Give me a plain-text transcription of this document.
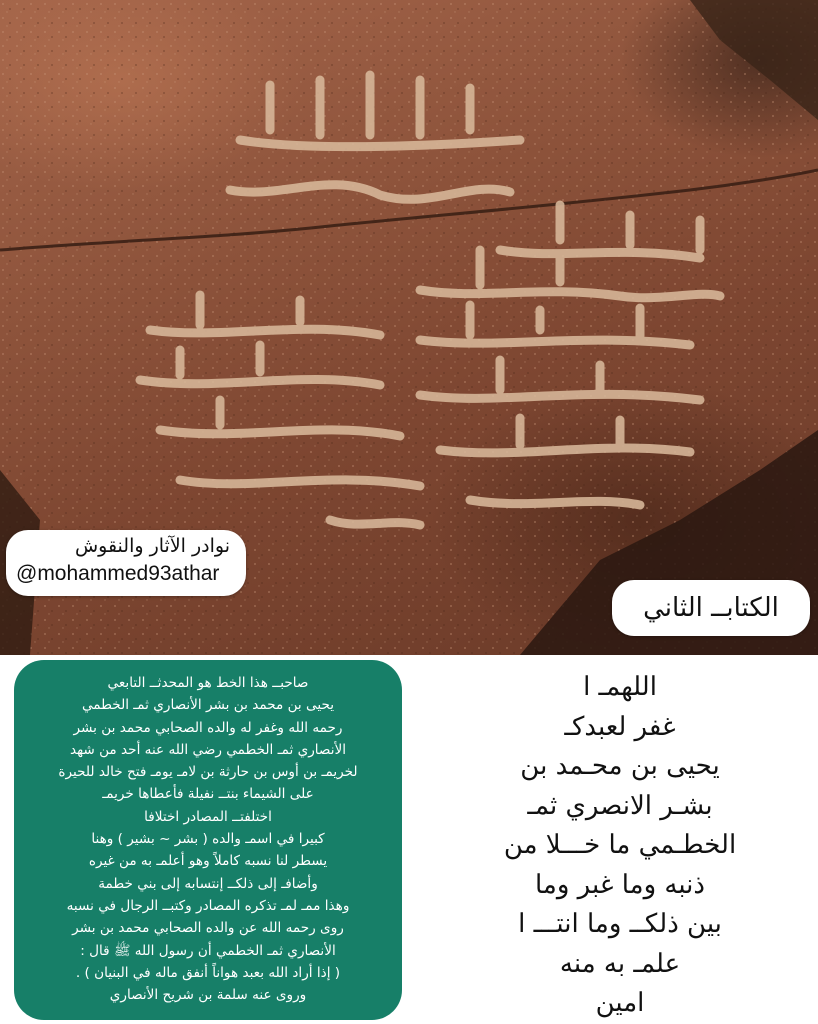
نوادر الآثار والنقوش
@mohammed93athar
الكتابــ الثاني
صاحبــ هذا الخط هو المحدثــ التابعي
يحيى بن محمد بن بشر الأنصاري ثمـ الخطمي
رحمه الله وغفر له والده الصحابي محمد بن بشر
الأنصاري ثمـ الخطمي رضي الله عنه أحد من شهد
لخريمـ بن أوس بن حارثة بن لامـ يومـ فتح خالد للحيرة
على الشيماء بنتــ نفيلة فأعطاها خريمـ
اختلفتــ المصادر اختلافا
كبيرا في اسمـ والده ( بشر ~ بشير ) وهنا
يسطر لنا نسبه كاملاً وهو أعلمـ به من غيره
وأضافـ إلى ذلكــ إنتسابه إلى بني خطمة
وهذا ممـ لمـ تذكره المصادر وكتبــ الرجال في نسبه
روى رحمه الله عن والده الصحابي محمد بن بشر
الأنصاري ثمـ الخطمي أن رسول الله ﷺ قال :
( إذا أراد الله بعبد هواناً أنفق ماله في البنيان ) .
وروى عنه سلمة بن شريح الأنصاري
اللهمـ ا
غفر لعبدكـ
يحيى بن محـمد بن
بشـر الانصري ثمـ
الخطـمي ما خـــلا من
ذنبه وما غبر وما
بين ذلكــ وما انتـــ ا
علمـ به منه
امين
